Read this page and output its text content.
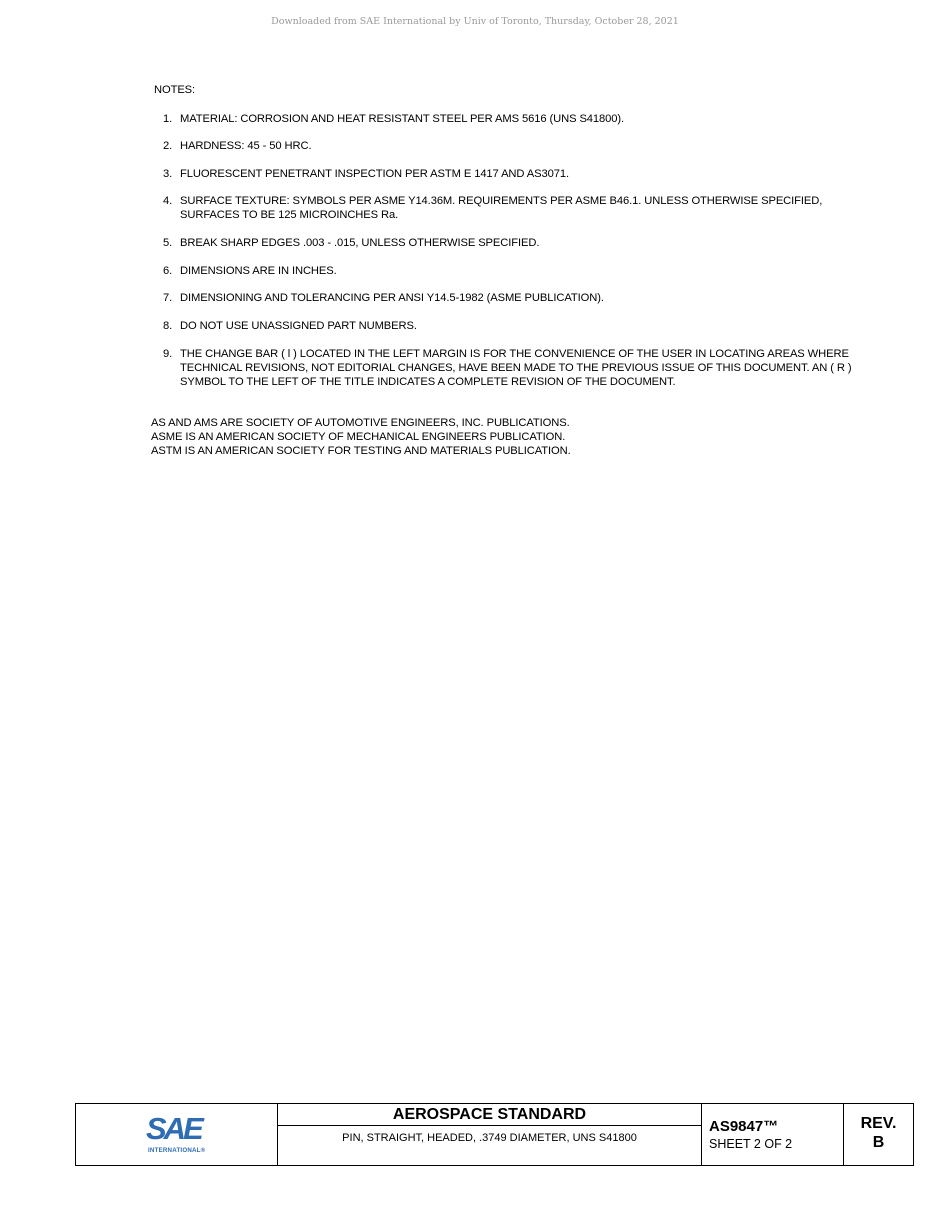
Downloaded from SAE International by Univ of Toronto, Thursday, October 28, 2021
NOTES:
1. MATERIAL: CORROSION AND HEAT RESISTANT STEEL PER AMS 5616 (UNS S41800).
2. HARDNESS: 45 - 50 HRC.
3. FLUORESCENT PENETRANT INSPECTION PER ASTM E 1417 AND AS3071.
4. SURFACE TEXTURE: SYMBOLS PER ASME Y14.36M. REQUIREMENTS PER ASME B46.1. UNLESS OTHERWISE SPECIFIED, SURFACES TO BE 125 MICROINCHES Ra.
5. BREAK SHARP EDGES .003 - .015, UNLESS OTHERWISE SPECIFIED.
6. DIMENSIONS ARE IN INCHES.
7. DIMENSIONING AND TOLERANCING PER ANSI Y14.5-1982 (ASME PUBLICATION).
8. DO NOT USE UNASSIGNED PART NUMBERS.
9. THE CHANGE BAR ( l ) LOCATED IN THE LEFT MARGIN IS FOR THE CONVENIENCE OF THE USER IN LOCATING AREAS WHERE TECHNICAL REVISIONS, NOT EDITORIAL CHANGES, HAVE BEEN MADE TO THE PREVIOUS ISSUE OF THIS DOCUMENT. AN ( R ) SYMBOL TO THE LEFT OF THE TITLE INDICATES A COMPLETE REVISION OF THE DOCUMENT.
AS AND AMS ARE SOCIETY OF AUTOMOTIVE ENGINEERS, INC. PUBLICATIONS.
ASME IS AN AMERICAN SOCIETY OF MECHANICAL ENGINEERS PUBLICATION.
ASTM IS AN AMERICAN SOCIETY FOR TESTING AND MATERIALS PUBLICATION.
SAE
INTERNATIONAL®
AEROSPACE STANDARD
PIN, STRAIGHT, HEADED, .3749 DIAMETER, UNS S41800
AS9847™
SHEET 2 OF 2
REV.
B
